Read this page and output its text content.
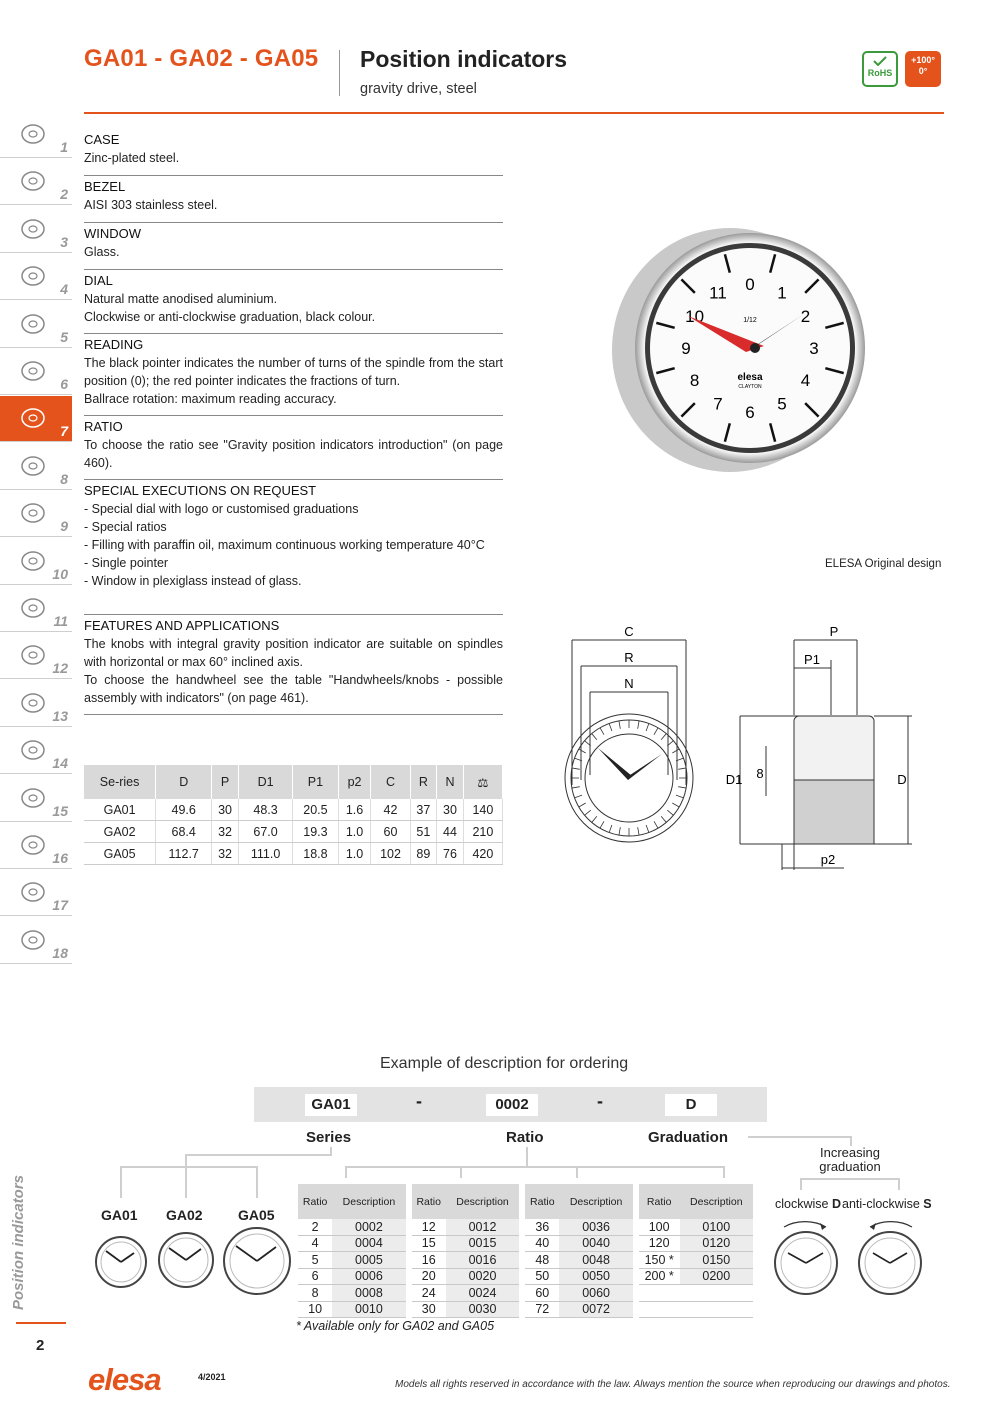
GA01 - GA02 - GA05 Position indicators
gravity drive, steel
RoHS
+100°
0°
1
2
3
4
5
6
7
8
9
10
11
12
13
14
15
16
17
18
Position indicators
2
CASE

Zinc-plated steel.

BEZEL

AISI 303 stainless steel.

WINDOW

Glass.

DIAL

Natural matte anodised aluminium.

Clockwise or anti-clockwise graduation, black colour.

READING

The black pointer indicates the number of turns of the spindle from the start position (0); the red pointer indicates the fractions of turn.

Ballrace rotation: maximum reading accuracy.

RATIO

To choose the ratio see "Gravity position indicators introduction" (on page 460).

SPECIAL EXECUTIONS ON REQUEST
- Special dial with logo or customised graduations
- Special ratios
- Filling with paraffin oil, maximum continuous working temperature 40°C
- Single pointer
- Window in plexiglass instead of glass.
FEATURES AND APPLICATIONS

The knobs with integral gravity position indicator are suitable on spindles with horizontal or max 60° inclined axis.

To choose the handwheel see the table "Handwheels/knobs - possible assembly with indicators" (on page 461).

0 1
2
3
4
5
6
7
8
9
10
11
1/12
elesa
CLAYTON
ELESA Original design
C
R
N
P
P1
D1 8	D
p2
Se-ries	D	P	D1	P1	p2	C	R	N	⚖
GA01	49.6	30	48.3	20.5	1.6	42	37	30	140
GA02	68.4	32	67.0	19.3	1.0	60	51	44	210
GA05	112.7	32	111.0	18.8	1.0	102	89	76	420
Example of description for ordering
GA01	-	0002	-	D
Series	Ratio	Graduation
Increasing graduation
GA01 GA02	GA05
Ratio	Description		Ratio	Description		Ratio	Description		Ratio	Description
2	0002		12	0012		36	0036		100	0100
4	0004		15	0015		40	0040		120	0120
5	0005		16	0016		48	0048		150 *	0150
6	0006		20	0020		50	0050		200 *	0200
8	0008		24	0024		60	0060			
10	0010		30	0030		72	0072			
* Available only for GA02 and GA05
clockwise D anti-clockwise S
elesa	4/2021
Models all rights reserved in accordance with the law. Always mention the source when reproducing our drawings and photos.
